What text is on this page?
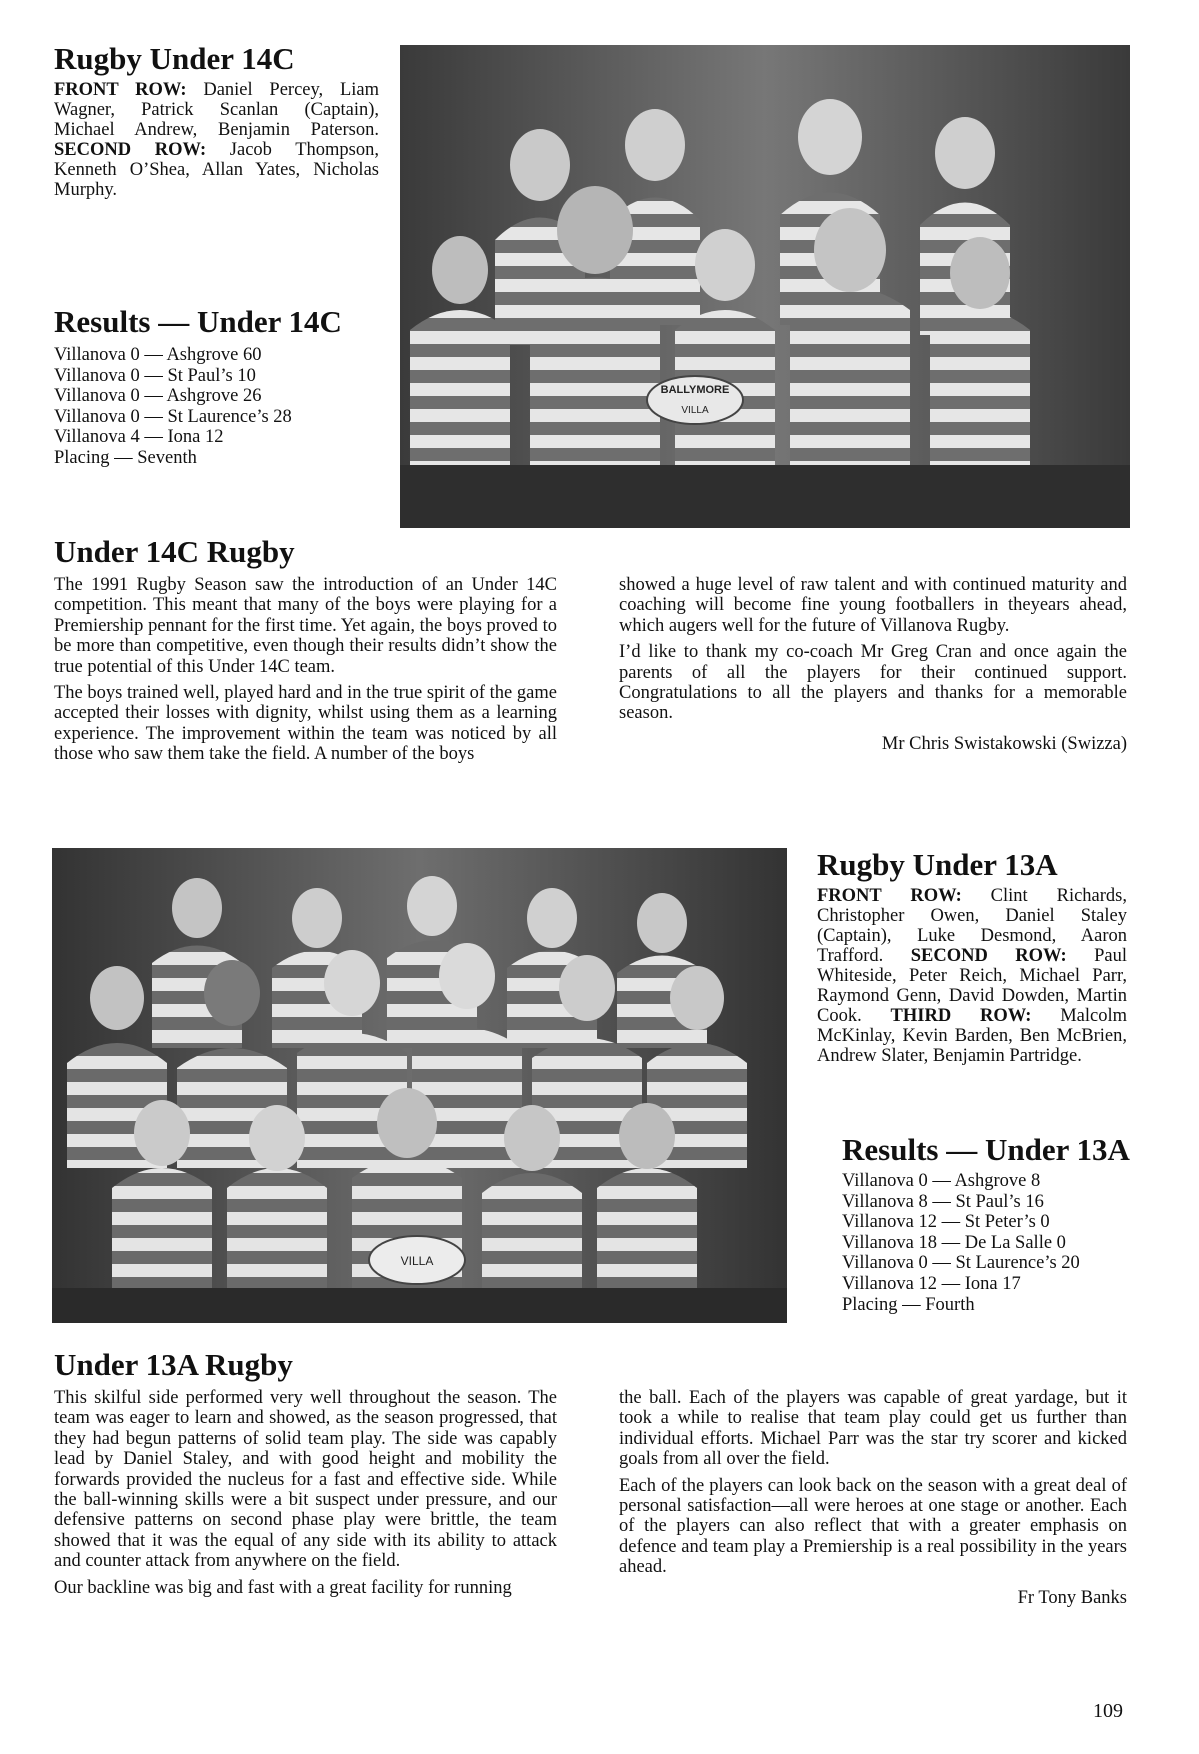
Rugby Under 14C

FRONT ROW: Daniel Percey, Liam Wagner, Patrick Scanlan (Captain), Michael Andrew, Benjamin Paterson. SECOND ROW: Jacob Thompson, Kenneth O’Shea, Allan Yates, Nicholas Murphy.

Results — Under 14C
Villanova 0 — Ashgrove 60
Villanova 0 — St Paul’s 10
Villanova 0 — Ashgrove 26
Villanova 0 — St Laurence’s 28
Villanova 4 — Iona 12
Placing — Seventh
BALLYMORE
VILLA
Under 14C Rugby

The 1991 Rugby Season saw the introduction of an Under 14C competition. This meant that many of the boys were playing for a Premiership pennant for the first time. Yet again, the boys proved to be more than competitive, even though their results didn’t show the true potential of this Under 14C team.

The boys trained well, played hard and in the true spirit of the game accepted their losses with dignity, whilst using them as a learning experience. The improvement within the team was noticed by all those who saw them take the field. A number of the boys

showed a huge level of raw talent and with continued maturity and coaching will become fine young footballers in theyears ahead, which augers well for the future of Villanova Rugby.

I’d like to thank my co-coach Mr Greg Cran and once again the parents of all the players for their continued support. Congratulations to all the players and thanks for a memorable season.

Mr Chris Swistakowski (Swizza)
VILLA
Rugby Under 13A

FRONT ROW: Clint Richards, Christopher Owen, Daniel Staley (Captain), Luke Desmond, Aaron Trafford. SECOND ROW: Paul Whiteside, Peter Reich, Michael Parr, Raymond Genn, David Dowden, Martin Cook. THIRD ROW: Malcolm McKinlay, Kevin Barden, Ben McBrien, Andrew Slater, Benjamin Partridge.

Results — Under 13A
Villanova 0 — Ashgrove 8
Villanova 8 — St Paul’s 16
Villanova 12 — St Peter’s 0
Villanova 18 — De La Salle 0
Villanova 0 — St Laurence’s 20
Villanova 12 — Iona 17
Placing — Fourth
Under 13A Rugby

This skilful side performed very well throughout the season. The team was eager to learn and showed, as the season progressed, that they had begun patterns of solid team play. The side was capably lead by Daniel Staley, and with good height and mobility the forwards provided the nucleus for a fast and effective side. While the ball-winning skills were a bit suspect under pressure, and our defensive patterns on second phase play were brittle, the team showed that it was the equal of any side with its ability to attack and counter attack from anywhere on the field.

Our backline was big and fast with a great facility for running

the ball. Each of the players was capable of great yardage, but it took a while to realise that team play could get us further than individual efforts. Michael Parr was the star try scorer and kicked goals from all over the field.

Each of the players can look back on the season with a great deal of personal satisfaction—all were heroes at one stage or another. Each of the players can also reflect that with a greater emphasis on defence and team play a Premiership is a real possibility in the years ahead.

Fr Tony Banks
109
